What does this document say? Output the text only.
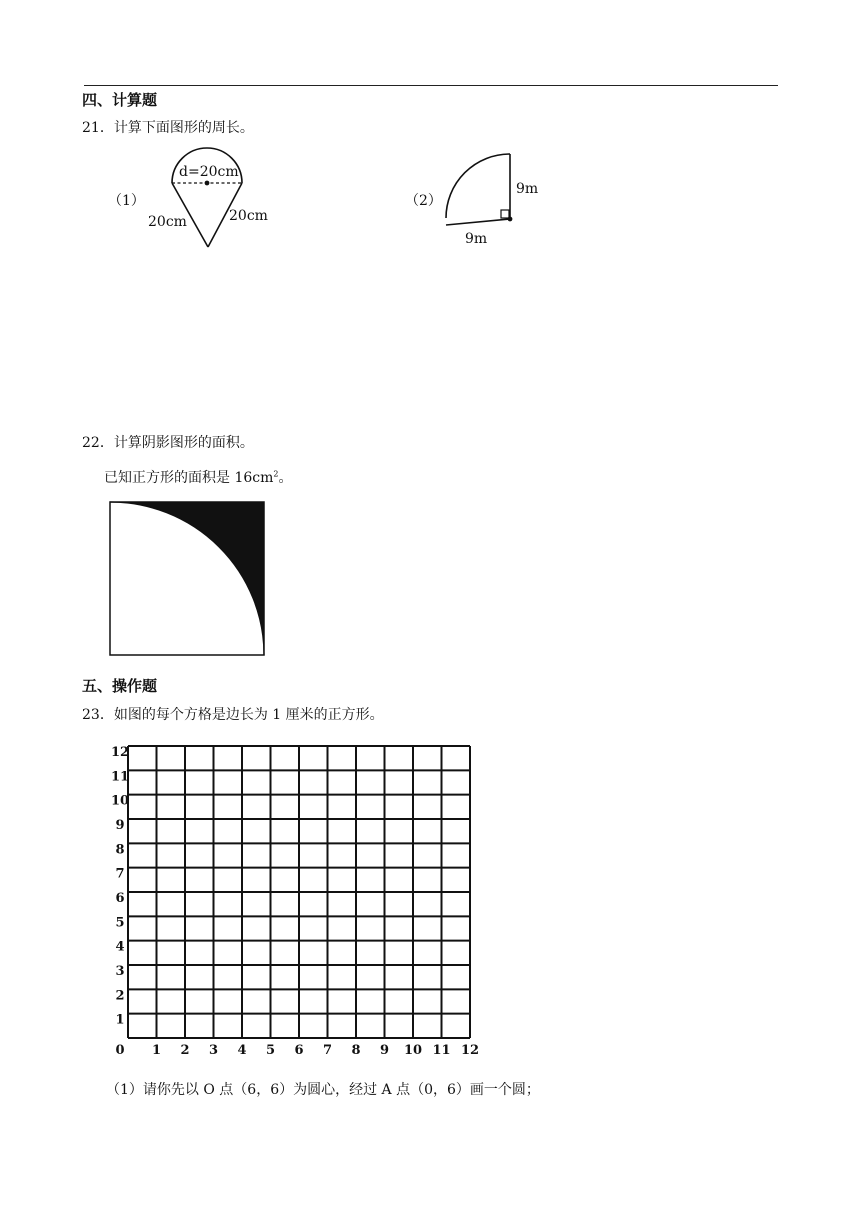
四、计算题
21．计算下面图形的周长。
（1）
d=20cm
20cm	20cm
（2）
9m
9m
22．计算阴影图形的面积。
已知正方形的面积是 $16cm^2$。
五、操作题
23．如图的每个方格是边长为 1 厘米的正方形。
0 1 2 3 4 5 6 7 8 9 10 11 12
1
2
3
4
5
6
7
8
9
10
11
12
（1）请你先以 O 点（6，6）为圆心，经过 A 点（0，6）画一个圆；
